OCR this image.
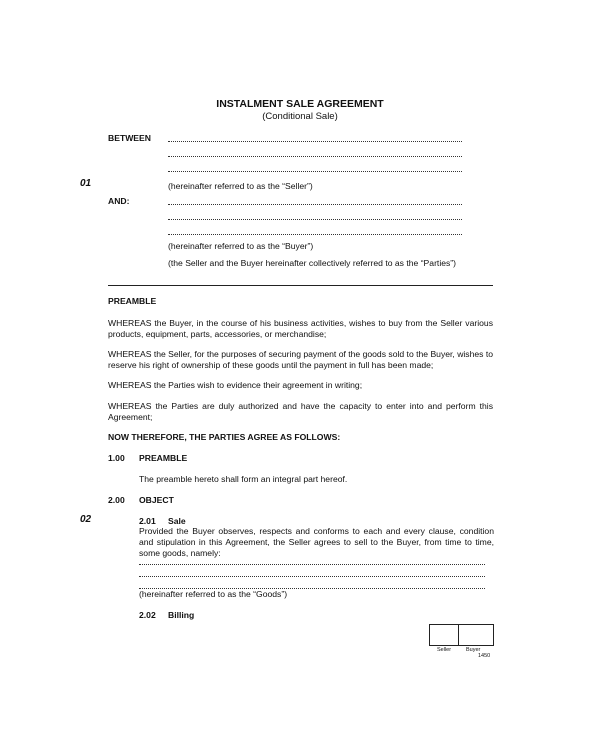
INSTALMENT SALE AGREEMENT
(Conditional Sale)
BETWEEN
01	(hereinafter referred to as the “Seller”)
AND:
(hereinafter referred to as the “Buyer”)
(the Seller and the Buyer hereinafter collectively referred to as the “Parties”)
PREAMBLE
WHEREAS the Buyer, in the course of his business activities, wishes to buy from the Seller various products, equipment, parts, accessories, or merchandise;
WHEREAS the Seller, for the purposes of securing payment of the goods sold to the Buyer, wishes to reserve his right of ownership of these goods until the payment in full has been made;
WHEREAS the Parties wish to evidence their agreement in writing;
WHEREAS the Parties are duly authorized and have the capacity to enter into and perform this Agreement;
NOW THEREFORE, THE PARTIES AGREE AS FOLLOWS:
1.00 PREAMBLE
The preamble hereto shall form an integral part hereof.
2.00 OBJECT
02	2.01 Sale
Provided the Buyer observes, respects and conforms to each and every clause, condition and stipulation in this Agreement, the Seller agrees to sell to the Buyer, from time to time, some goods, namely:
(hereinafter referred to as the “Goods”)
2.02 Billing
Seller	Buyer
1450
